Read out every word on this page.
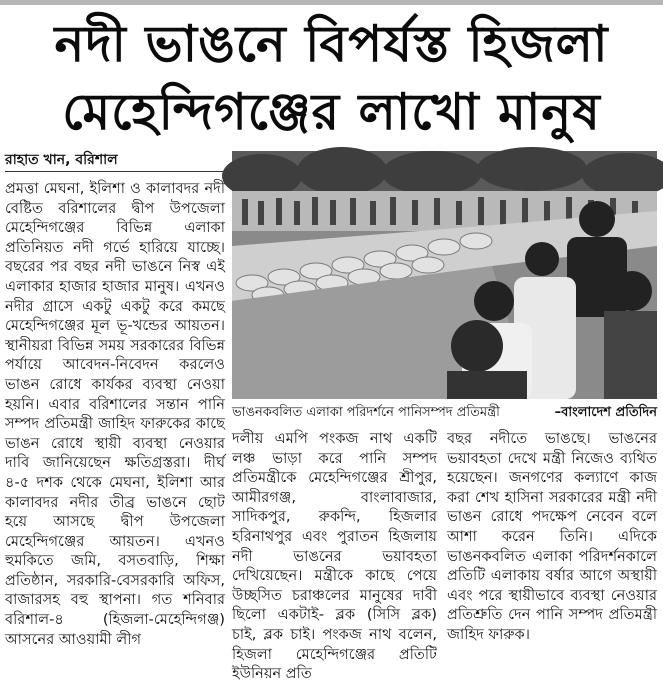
নদী ভাঙনে বিপর্যস্ত হিজলা
মেহেন্দিগঞ্জের লাখো মানুষ
রাহাত খান, বরিশাল
প্রমত্তা মেঘনা, ইলিশা ও কালাবদর নদী বেষ্টিত বরিশালের দ্বীপ উপজেলা মেহেন্দিগঞ্জের বিভিন্ন এলাকা প্রতিনিয়ত নদী গর্ভে হারিয়ে যাচ্ছে। বছরের পর বছর নদী ভাঙনে নিস্ব এই এলাকার হাজার হাজার মানুষ। এখনও নদীর গ্রাসে একটু একটু করে কমছে মেহেন্দিগঞ্জের মূল ভূ-খন্ডের আয়তন। স্থানীয়রা বিভিন্ন সময় সরকারের বিভিন্ন পর্যায়ে আবেদন-নিবেদন করলেও ভাঙন রোধে কার্যকর ব্যবস্থা নেওয়া হয়নি। এবার বরিশালের সন্তান পানি সম্পদ প্রতিমন্ত্রী জাহিদ ফারুকের কাছে ভাঙন রোধে স্থায়ী ব্যবস্থা নেওয়ার দাবি জানিয়েছেন ক্ষতিগ্রস্তরা। দীর্ঘ ৪-৫ দশক থেকে মেঘনা, ইলিশা আর কালাবদর নদীর তীব্র ভাঙনে ছোট হয়ে আসছে দ্বীপ উপজেলা মেহেন্দিগঞ্জের আয়তন। এখনও হুমকিতে জমি, বসতবাড়ি, শিক্ষা প্রতিষ্ঠান, সরকারি-বেসরকারি অফিস, বাজারসহ বহু স্থাপনা। গত শনিবার বরিশাল-৪ (হিজলা-মেহেন্দিগঞ্জ) আসনের আওয়ামী লীগ
ভাঙনকবলিত এলাকা পরিদর্শনে পানিসম্পদ প্রতিমন্ত্রী	–বাংলাদেশ প্রতিদিন
দলীয় এমপি পংকজ নাথ একটি লঞ্চ ভাড়া করে পানি সম্পদ প্রতিমন্ত্রীকে মেহেন্দিগঞ্জের শ্রীপুর, আমীরগঞ্জ, বাংলাবাজার, সাদিকপুর, রুকন্দি, হিজলার হরিনাথপুর এবং পুরাতন হিজলায় নদী ভাঙনের ভয়াবহতা দেখিয়েছেন। মন্ত্রীকে কাছে পেয়ে উচ্ছসিত চরাঞ্চলের মানুষের দাবী ছিলো একটাই- ব্লক (সিসি ব্লক) চাই, ব্লক চাই। পংকজ নাথ বলেন, হিজলা মেহেন্দিগঞ্জের প্রতিটি ইউনিয়ন প্রতি
বছর নদীতে ভাঙছে। ভাঙনের ভয়াবহতা দেখে মন্ত্রী নিজেও ব্যথিত হয়েছেন। জনগণের কল্যাণে কাজ করা শেখ হাসিনা সরকারের মন্ত্রী নদী ভাঙন রোধে পদক্ষেপ নেবেন বলে আশা করেন তিনি। এদিকে ভাঙনকবলিত এলাকা পরিদর্শনকালে প্রতিটি এলাকায় বর্ষার আগে অস্থায়ী এবং পরে স্থায়ীভাবে ব্যবস্থা নেওয়ার প্রতিশ্রুতি দেন পানি সম্পদ প্রতিমন্ত্রী জাহিদ ফারুক।
